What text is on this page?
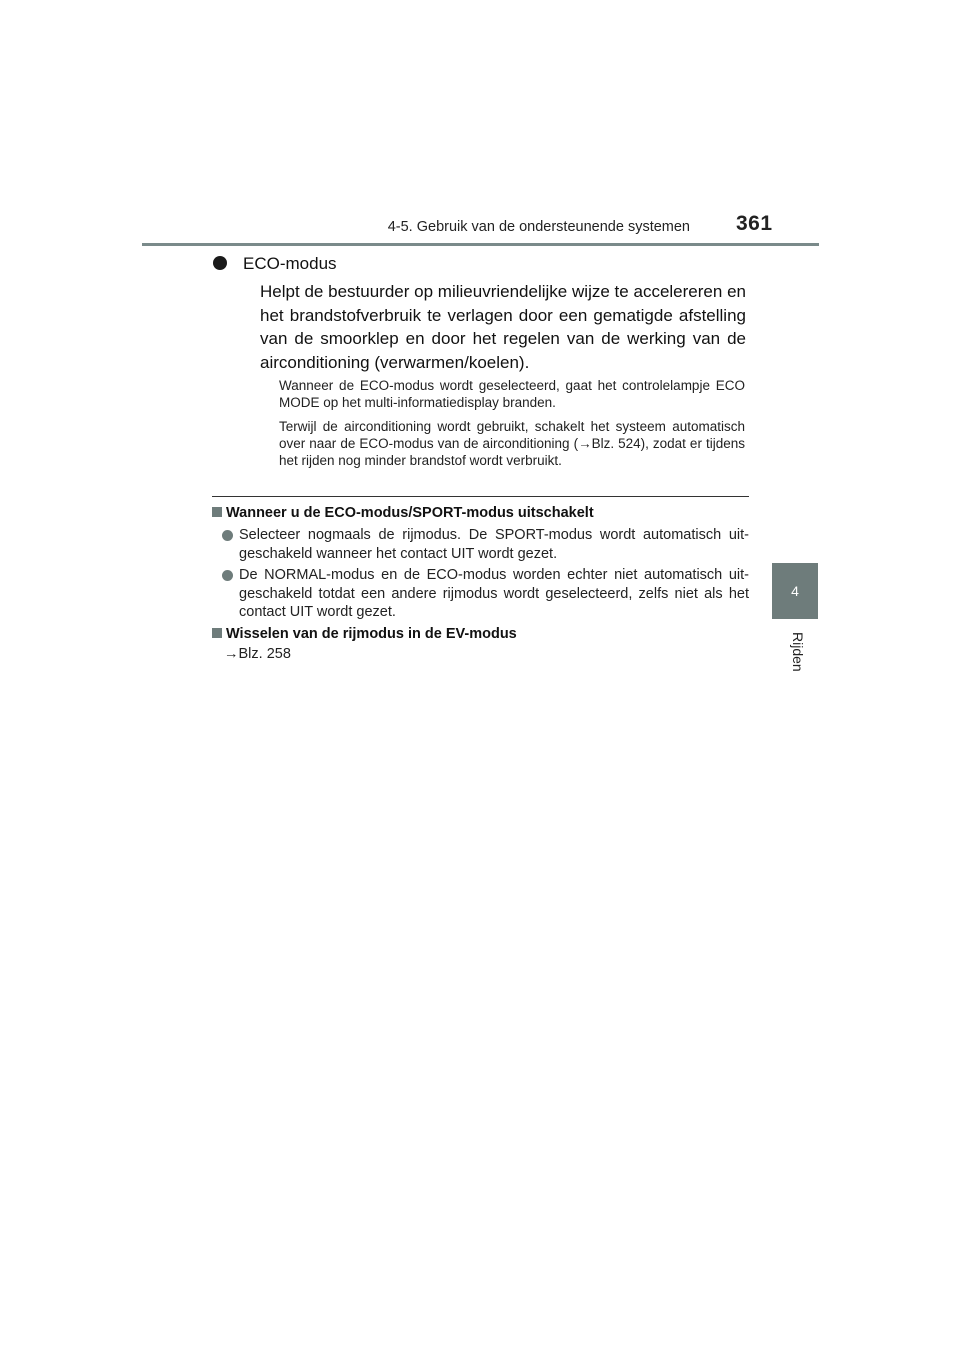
4-5. Gebruik van de ondersteunende systemen 361
4
Rijden
ECO-modus
Helpt de bestuurder op milieuvriendelijke wijze te accelereren en het brandstofverbruik te verlagen door een gematigde afstelling van de smoorklep en door het regelen van de werking van de airconditioning (verwarmen/koelen).
Wanneer de ECO-modus wordt geselecteerd, gaat het controlelampje ECO MODE op het multi-informatiedisplay branden.
Terwijl de airconditioning wordt gebruikt, schakelt het systeem automatisch over naar de ECO-modus van de airconditioning (→Blz. 524), zodat er tijdens het rijden nog minder brandstof wordt verbruikt.
Wanneer u de ECO-modus/SPORT-modus uitschakelt
Selecteer nogmaals de rijmodus. De SPORT-modus wordt automatisch uitgeschakeld wanneer het contact UIT wordt gezet.
De NORMAL-modus en de ECO-modus worden echter niet automatisch uitgeschakeld totdat een andere rijmodus wordt geselecteerd, zelfs niet als het contact UIT wordt gezet.
Wisselen van de rijmodus in de EV-modus
→Blz. 258
